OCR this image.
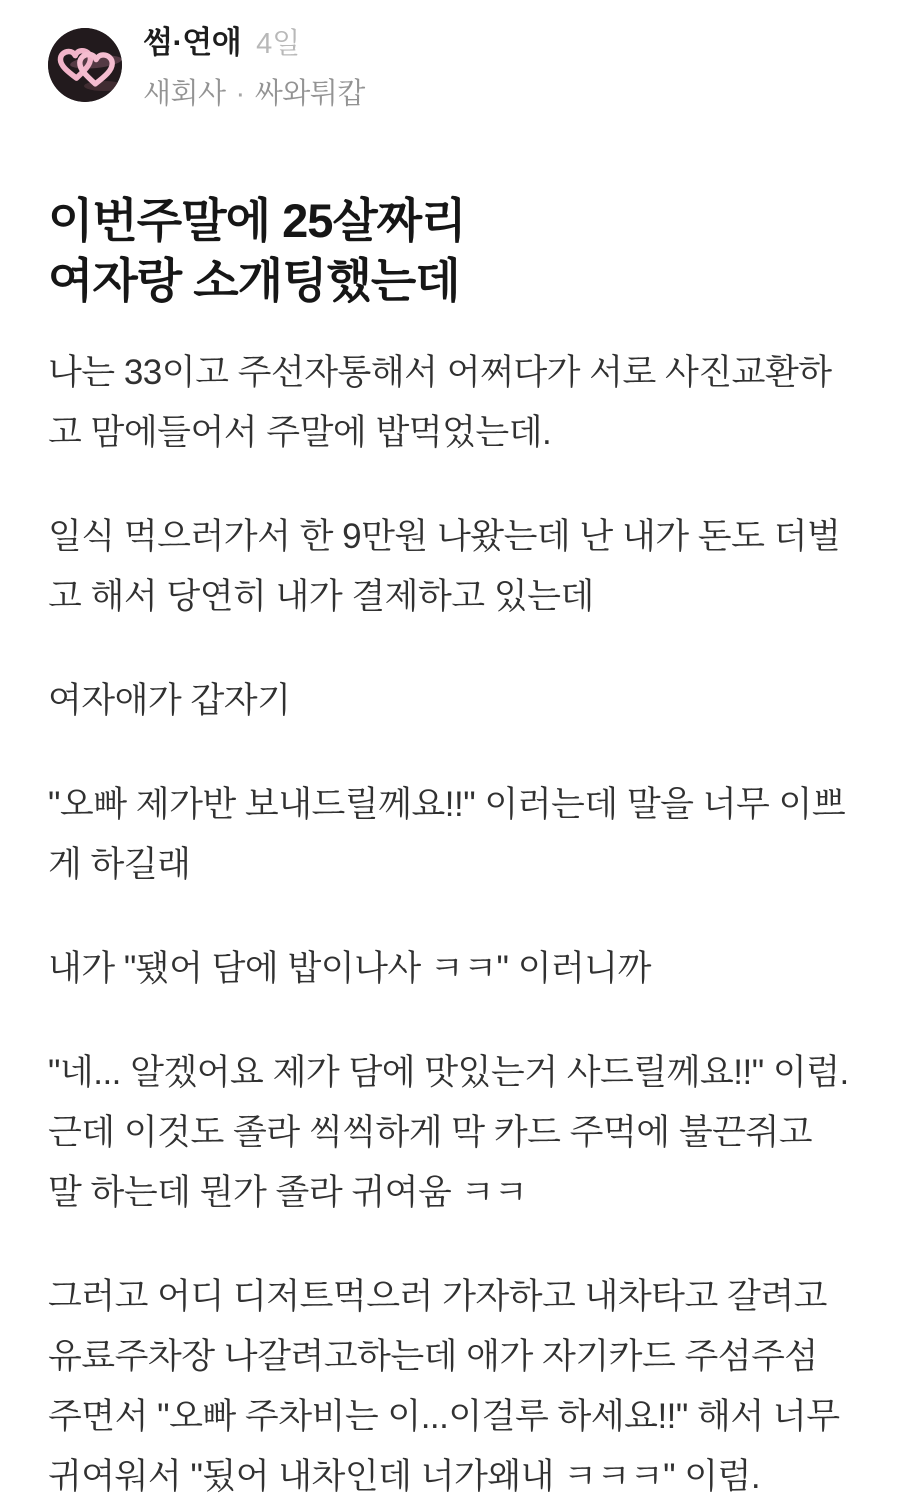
썸·연애 4일
새회사 · 싸와튀캅
이번주말에 25살짜리
여자랑 소개팅했는데

나는 33이고 주선자통해서 어쩌다가 서로 사진교환하고 맘에들어서 주말에 밥먹었는데.

일식 먹으러가서 한 9만원 나왔는데 난 내가 돈도 더벌고 해서 당연히 내가 결제하고 있는데

여자애가 갑자기

"오빠 제가반 보내드릴께요!!" 이러는데 말을 너무 이쁘게 하길래

내가 "됐어 담에 밥이나사 ㅋㅋ" 이러니까

"네... 알겠어요 제가 담에 맛있는거 사드릴께요!!" 이럼. 근데 이것도 졸라 씩씩하게 막 카드 주먹에 불끈쥐고 말 하는데 뭔가 졸라 귀여움 ㅋㅋ

그러고 어디 디저트먹으러 가자하고 내차타고 갈려고 유료주차장 나갈려고하는데 애가 자기카드 주섬주섬 주면서 "오빠 주차비는 이...이걸루 하세요!!" 해서 너무귀여워서 "됬어 내차인데 너가왜내 ㅋㅋㅋ" 이럼.
